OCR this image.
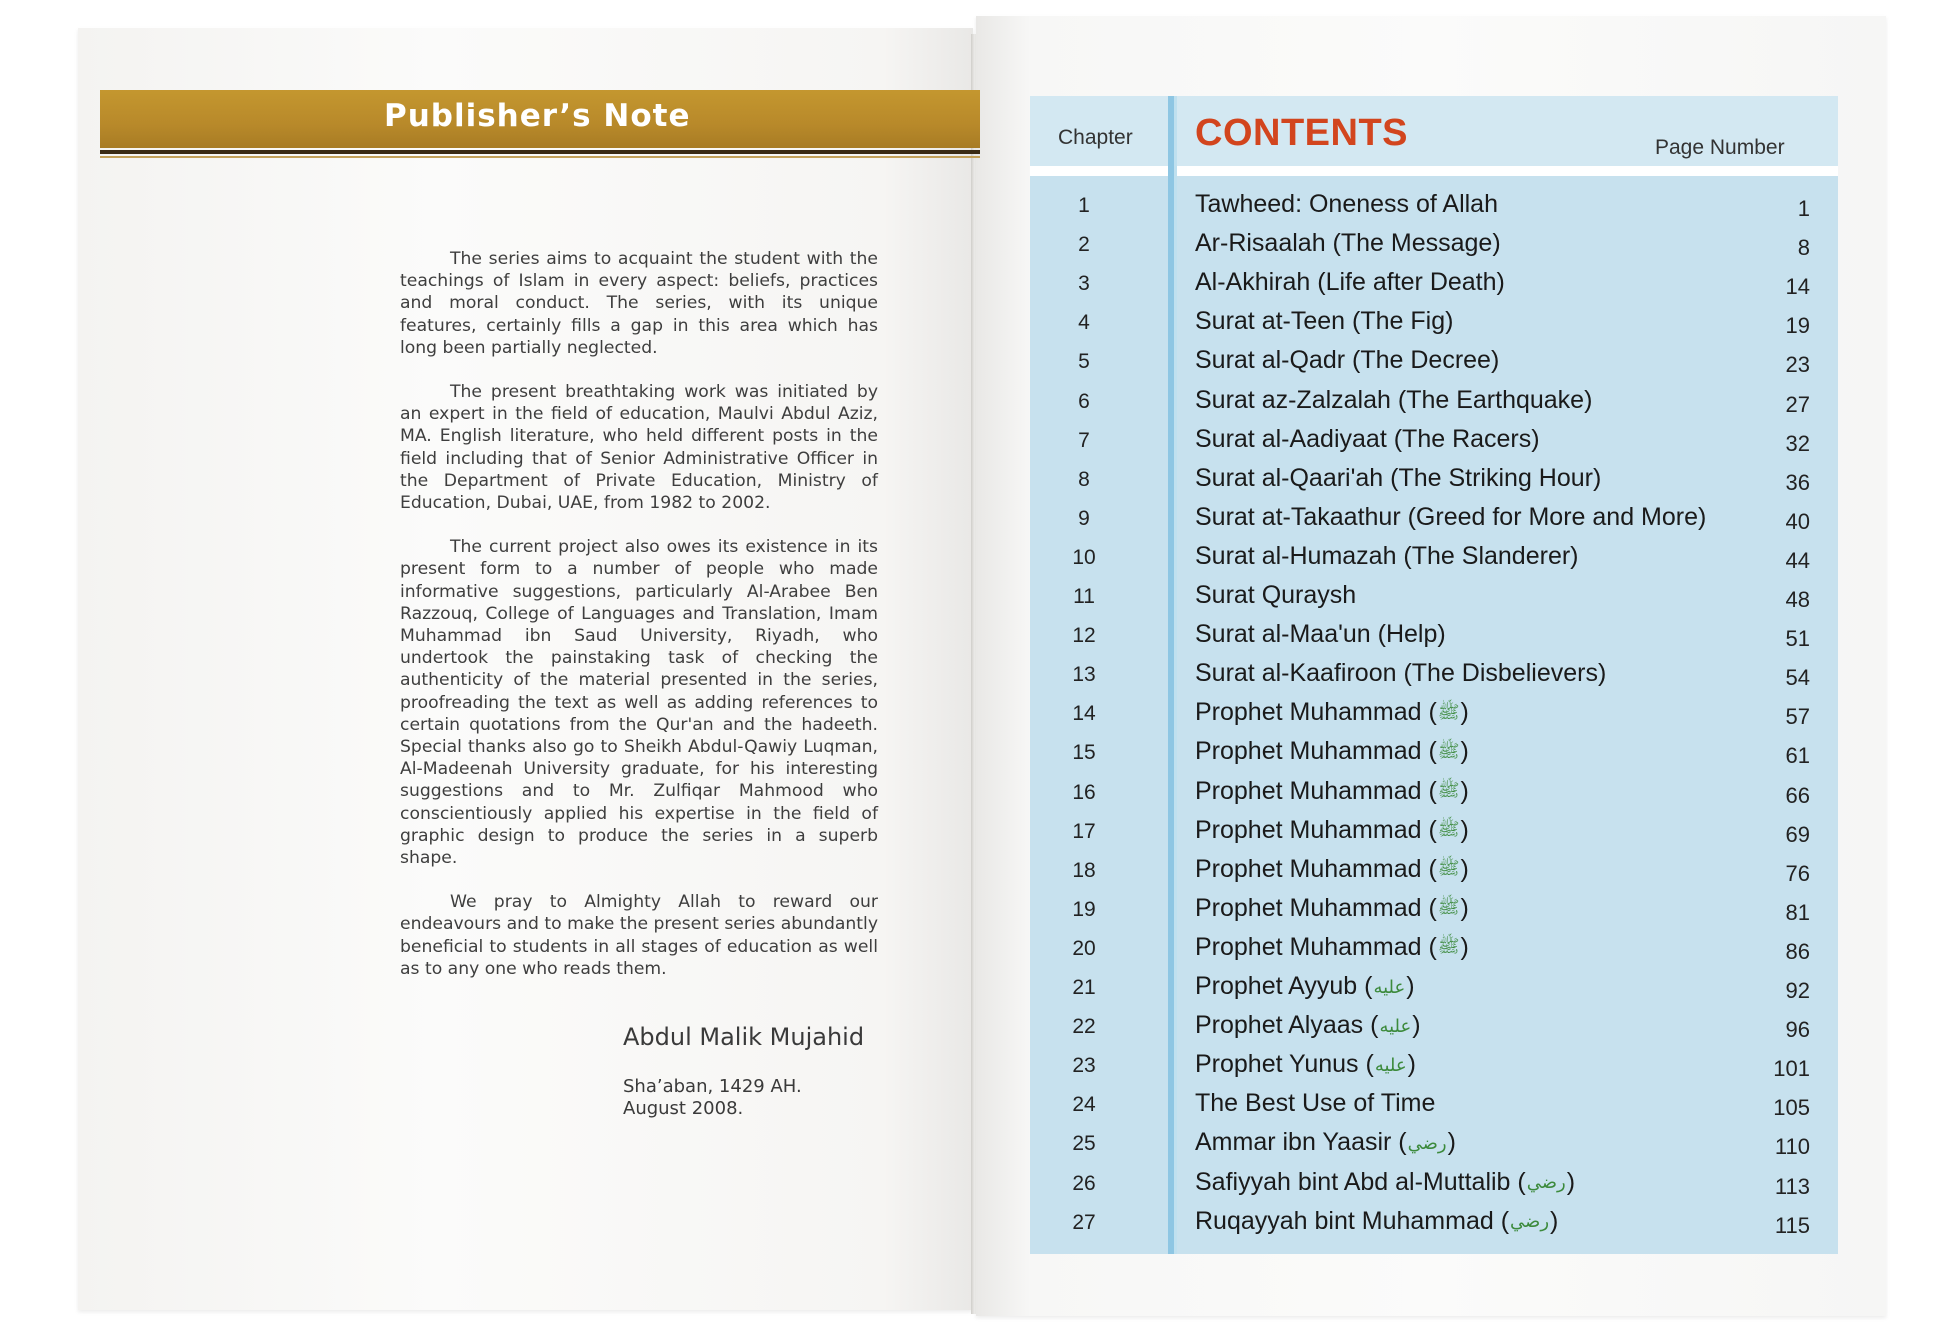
Publisher’s Note

The series aims to acquaint the student with the teachings of Islam in every aspect: beliefs, practices and moral conduct. The series, with its unique features, certainly fills a gap in this area which has long been partially neglected.

The present breathtaking work was initiated by an expert in the field of education, Maulvi Abdul Aziz, MA. English literature, who held different posts in the field including that of Senior Administrative Officer in the Department of Private Education, Ministry of Education, Dubai, UAE, from 1982 to 2002.

The current project also owes its existence in its present form to a number of people who made informative suggestions, particularly Al-Arabee Ben Razzouq, College of Languages and Translation, Imam Muhammad ibn Saud University, Riyadh, who undertook the painstaking task of checking the authenticity of the material presented in the series, proofreading the text as well as adding references to certain quotations from the Qur'an and the hadeeth. Special thanks also go to Sheikh Abdul-Qawiy Luqman, Al-Madeenah University graduate, for his interesting suggestions and to Mr. Zulfiqar Mahmood who conscientiously applied his expertise in the field of graphic design to produce the series in a superb shape.

We pray to Almighty Allah to reward our endeavours and to make the present series abundantly beneficial to students in all stages of education as well as to any one who reads them.

Abdul Malik Mujahid
Sha’aban, 1429 AH.
August 2008.
Chapter CONTENTS	Page Number
1	Tawheed: Oneness of Allah	1
2	Ar-Risaalah (The Message)	8
3	Al-Akhirah (Life after Death)	14
4	Surat at-Teen (The Fig)	19
5	Surat al-Qadr (The Decree)	23
6	Surat az-Zalzalah (The Earthquake)	27
7	Surat al-Aadiyaat (The Racers)	32
8	Surat al-Qaari'ah (The Striking Hour)	36
9	Surat at-Takaathur (Greed for More and More)	40
10	Surat al-Humazah (The Slanderer)	44
11	Surat Quraysh	48
12	Surat al-Maa'un (Help)	51
13	Surat al-Kaafiroon (The Disbelievers)	54
14	Prophet Muhammad (ﷺ)	57
15	Prophet Muhammad (ﷺ)	61
16	Prophet Muhammad (ﷺ)	66
17	Prophet Muhammad (ﷺ)	69
18	Prophet Muhammad (ﷺ)	76
19	Prophet Muhammad (ﷺ)	81
20	Prophet Muhammad (ﷺ)	86
21	Prophet Ayyub (عليه)	92
22	Prophet Alyaas (عليه)	96
23	Prophet Yunus (عليه)	101
24	The Best Use of Time	105
25	Ammar ibn Yaasir (رضي)	110
26	Safiyyah bint Abd al-Muttalib (رضي)	113
27	Ruqayyah bint Muhammad (رضي)	115
